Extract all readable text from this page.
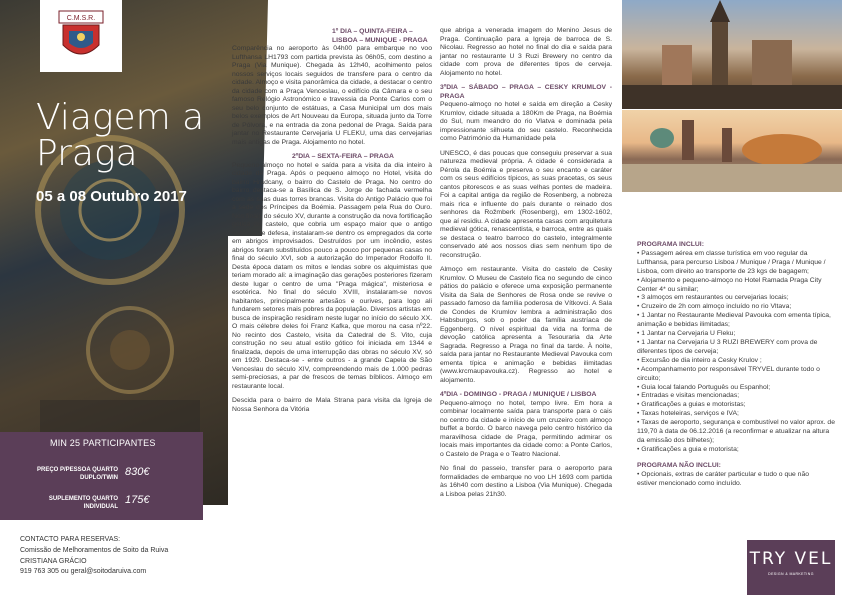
C.M.S.R.
Viagem a
Praga
05 a 08 Outubro 2017
MIN 25 PARTICIPANTES
PREÇO P/PESSOA QUARTO DUPLO/TWIN 830€
SUPLEMENTO QUARTO INDIVIDUAL
175€
CONTACTO PARA RESERVAS:
Comissão de Melhoramentos de Soito da Ruiva
CRISTIANA GRÁCIO
919 763 305 ou geral@soitodaruiva.com
1º DIA – QUINTA-FEIRA – LISBOA – MUNIQUE - PRAGA

Comparência no aeroporto às 04h00 para embarque no voo Lufthansa LH1793 com partida prevista às 06h05, com destino a Praga (Via Munique). Chegada às 12h40, acolhimento pelos nossos serviços locais seguidos de transfere para o centro da cidade. Almoço e visita panorâmica da cidade, a destacar o centro da cidade com a Praça Venceslau, o edifício da Câmara e o seu famoso Relógio Astronómico e travessia da Ponte Carlos com o seu belo conjunto de estátuas, a Casa Municipal um dos mais belos exemplos de Art Nouveau da Europa, situada junto da Torre de Pólvora, e na entrada da zona pedonal de Praga. Saída para jantar no Restaurante Cervejaria U FLEKU, uma das cervejarias mais antigas de Praga. Alojamento no hotel.

2ºDIA – SEXTA-FEIRA – PRAGA

Pequeno-almoço no hotel e saída para a visita da dia inteiro à cidade de Praga. Após o pequeno almoço no Hotel, visita do bairro Hradcany, o bairro do Castelo de Praga. No centro do bairro destaca-se a Basílica de S. Jorge de fachada vermelha com as suas duas torres brancas. Visita do Antigo Palácio que foi a sede dos Príncipes da Boémia. Passagem pela Rua do Ouro. Nos finais do século XV, durante a construção da nova fortificação gótica do castelo, que cobria um espaço maior que o antigo sistema de defesa, instalaram-se dentro os empregados da corte em abrigos improvisados. Destruídos por um incêndio, estes abrigos foram substituídos pouco a pouco por pequenas casas no final do século XVI, sob a autorização do Imperador Rodolfo II. Desta época datam os mitos e lendas sobre os alquimistas que teriam morado ali: a imaginação das gerações posteriores fizeram deste lugar o centro de uma "Praga mágica", misteriosa e esotérica. No final do século XVIII, instalaram-se novos habitantes, principalmente artesãos e ourives, para logo ali fundarem setores mais pobres da população. Diversos artistas em busca de inspiração residiram neste lugar no início do século XX. O mais célebre deles foi Franz Kafka, que morou na casa nº22. No recinto dos Castelo, visita da Catedral de S. Vito, cuja construção no seu atual estilo gótico foi iniciada em 1344 e finalizada, depois de uma interrupção das obras no século XV, só em 1929. Destaca-se - entre outros - a grande Capela de São Venceslau do século XIV, compreendendo mais de 1.000 pedras semi-preciosas, a par de frescos de temas bíblicos. Almoço em restaurante local.

Descida para o bairro de Mala Strana para visita da Igreja de Nossa Senhora da Vitória

que abriga a venerada imagem do Menino Jesus de Praga. Continuação para a Igreja de barroca de S. Nicolau. Regresso ao hotel no final do dia e saída para jantar no restaurante U 3 Ruzi Brewery no centro da cidade com prova de diferentes tipos de cerveja. Alojamento no hotel.

3ºDIA – SÁBADO – PRAGA – CESKY KRUMLOV - PRAGA

Pequeno-almoço no hotel e saída em direção a Cesky Krumlov, cidade situada a 180Km de Praga, na Boémia do Sul, num meandro do rio Vlatva e dominada pela impressionante silhueta do seu castelo. Reconhecida como Património da Humanidade pela

UNESCO, é das poucas que conseguiu preservar a sua natureza medieval própria. A cidade é considerada a Pérola da Boémia e preserva o seu encanto e caráter com os seus edifícios típicos, as suas pracetas, os seus cantos pitorescos e as suas velhas pontes de madeira. Foi a capital antiga da região de Rosenberg, a nobreza mais rica e influente do país durante o reinado dos senhores da Rožmberk (Rosenberg), em 1302-1602, que aí residiu. A cidade apresenta casas com arquitetura medieval gótica, renascentista, e barroca, entre as quais se destaca o teatro barroco do castelo, integralmente conservado até aos nossos dias sem nenhum tipo de reconstrução.

Almoço em restaurante. Visita do castelo de Cesky Krumlov. O Museu de Castelo fica no segundo de cinco pátios do palácio e oferece uma exposição permanente Visita da Sala de Senhores de Rosa onde se revive o passado famoso da família poderosa de Vítkovci. A Sala de Condes de Krumlov lembra a administração dos Habsburgos, sob o poder da família austríaca de Eggenberg. O nível espiritual da vida na forma de devoção católica apresenta a Tesouraria da Arte Sagrada. Regresso a Praga no final da tarde. À noite, saída para jantar no Restaurante Medieval Pavouka com ementa típica e animação e bebidas ilimitadas (www.krcmaupavouka.cz). Regresso ao hotel e alojamento.

4ºDIA - DOMINGO - PRAGA / MUNIQUE / LISBOA

Pequeno-almoço no hotel, tempo livre. Em hora a combinar localmente saída para transporte para o cais no centro da cidade e início de um cruzeiro com almoço buffet a bordo. O barco navega pelo centro histórico da maravilhosa cidade de Praga, permitindo admirar os locais mais importantes da cidade como: a Ponte Carlos, o Castelo de Praga e o Teatro Nacional.

No final do passeio, transfer para o aeroporto para formalidades de embarque no voo LH 1693 com partida às 16h40 com destino a Lisboa (Via Munique). Chegada a Lisboa pelas 21h30.

PROGRAMA INCLUI:
• Passagem aérea em classe turística em voo regular da Lufthansa, para percurso Lisboa / Munique / Praga / Munique / Lisboa, com direito ao transporte de 23 kgs de bagagem;
• Alojamento e pequeno-almoço no Hotel Ramada Praga City Center 4* ou similar;
• 3 almoços em restaurantes ou cervejarias locais;
• Cruzeiro de 2h com almoço incluído no rio Vltava;
• 1 Jantar no Restaurante Medieval Pavouka com ementa típica, animação e bebidas ilimitadas;
• 1 Jantar na Cervejaria U Fleku;
• 1 Jantar na Cervejaria U 3 RUZI BREWERY com prova de diferentes tipos de cerveja;
• Excursão de dia inteiro a Cesky Krulov ;
• Acompanhamento por responsável TRYVEL durante todo o circuito;
• Guia local falando Português ou Espanhol;
• Entradas e visitas mencionadas;
• Gratificações a guias e motoristas;
• Taxas hoteleiras, serviços e IVA;
• Taxas de aeroporto, segurança e combustível no valor aprox. de 119,70 à data de 06.12.2016 (a reconfirmar e atualizar na altura da emissão dos bilhetes);
• Gratificações a guia e motorista;
PROGRAMA NÃO INCLUI:
• Opcionais, extras de caráter particular e tudo o que não estiver mencionado como incluído.
TRY VEL
DESIGN & MARKETING
